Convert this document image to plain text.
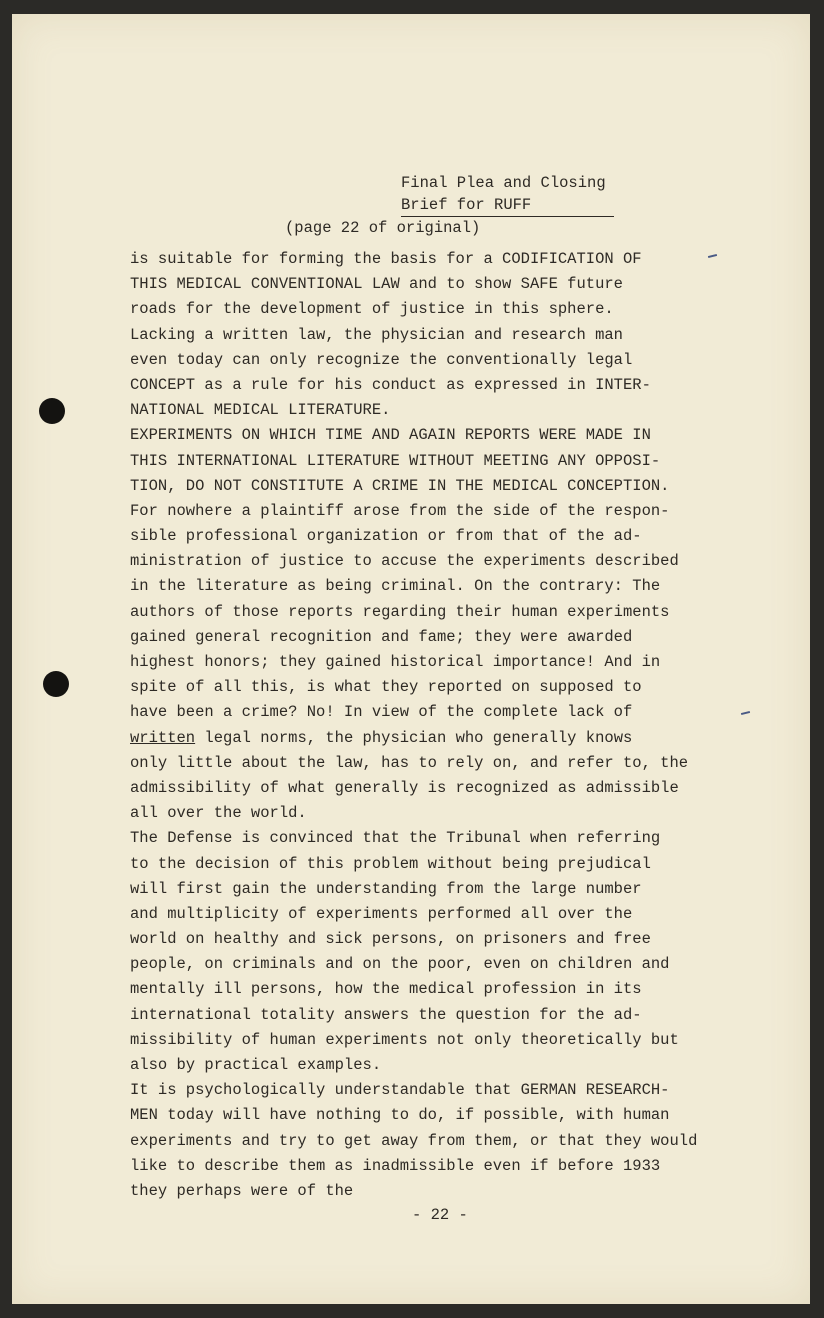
Final Plea and Closing
Brief for RUFF
(page 22 of original)
is suitable for forming the basis for a CODIFICATION OF
THIS MEDICAL CONVENTIONAL LAW and to show SAFE future
roads for the development of justice in this sphere.
Lacking a written law, the physician and research man
even today can only recognize the conventionally legal
CONCEPT as a rule for his conduct as expressed in INTER-
NATIONAL MEDICAL LITERATURE.
EXPERIMENTS ON WHICH TIME AND AGAIN REPORTS WERE MADE IN
THIS INTERNATIONAL LITERATURE WITHOUT MEETING ANY OPPOSI-
TION, DO NOT CONSTITUTE A CRIME IN THE MEDICAL CONCEPTION.
For nowhere a plaintiff arose from the side of the respon-
sible professional organization or from that of the ad-
ministration of justice to accuse the experiments described
in the literature as being criminal. On the contrary: The
authors of those reports regarding their human experiments
gained general recognition and fame; they were awarded
highest honors; they gained historical importance! And in
spite of all this, is what they reported on supposed to
have been a crime? No! In view of the complete lack of
written legal norms, the physician who generally knows
only little about the law, has to rely on, and refer to, the
admissibility of what generally is recognized as admissible
all over the world.
The Defense is convinced that the Tribunal when referring
to the decision of this problem without being prejudical
will first gain the understanding from the large number
and multiplicity of experiments performed all over the
world on healthy and sick persons, on prisoners and free
people, on criminals and on the poor, even on children and
mentally ill persons, how the medical profession in its
international totality answers the question for the ad-
missibility of human experiments not only theoretically but
also by practical examples.
It is psychologically understandable that GERMAN RESEARCH-
MEN today will have nothing to do, if possible, with human
experiments and try to get away from them, or that they would
like to describe them as inadmissible even if before 1933
they perhaps were of the
- 22 -
